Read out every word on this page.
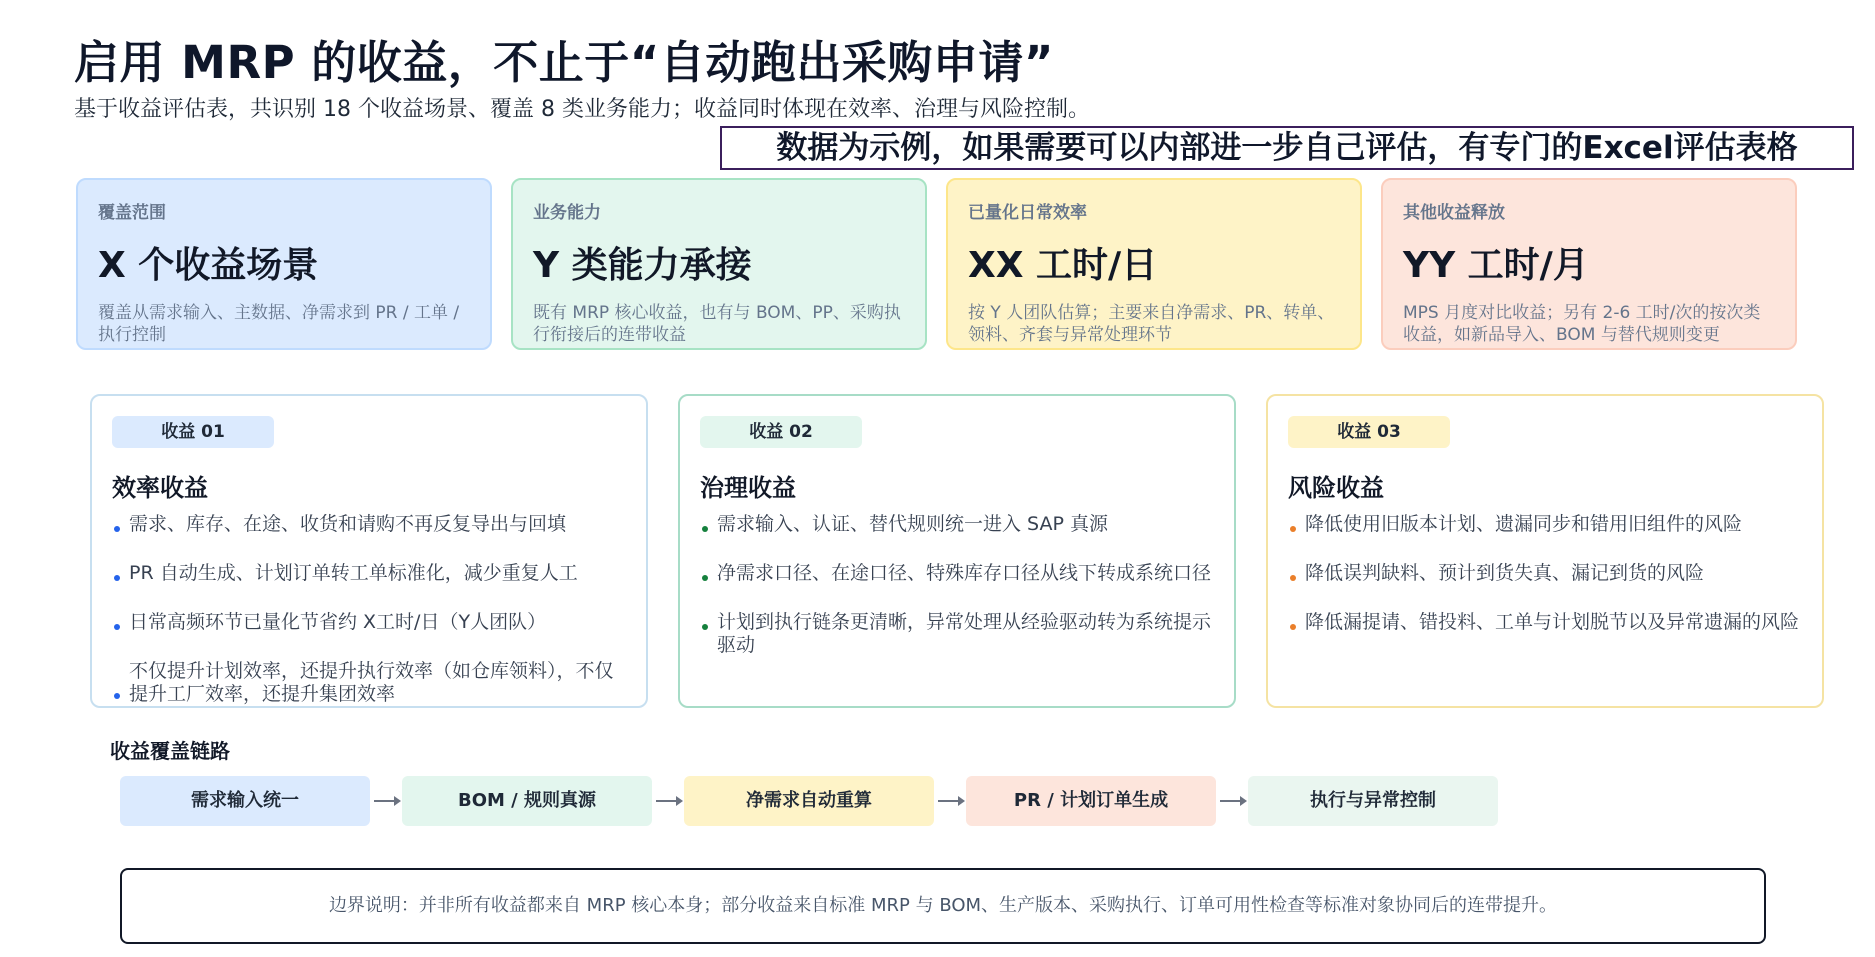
启用 MRP 的收益，不止于“自动跑出采购申请”
基于收益评估表，共识别 18 个收益场景、覆盖 8 类业务能力；收益同时体现在效率、治理与风险控制。
数据为示例，如果需要可以内部进一步自己评估，有专门的Excel评估表格
覆盖范围
X 个收益场景
覆盖从需求输入、主数据、净需求到 PR / 工单 / 执行控制
业务能力
Y 类能力承接
既有 MRP 核心收益，也有与 BOM、PP、采购执行衔接后的连带收益
已量化日常效率
XX 工时/日
按 Y 人团队估算；主要来自净需求、PR、转单、领料、齐套与异常处理环节
其他收益释放
YY 工时/月
MPS 月度对比收益；另有 2-6 工时/次的按次类收益，如新品导入、BOM 与替代规则变更
收益 01
效率收益
需求、库存、在途、收货和请购不再反复导出与回填
PR 自动生成、计划订单转工单标准化，减少重复人工
日常高频环节已量化节省约 X工时/日（Y人团队）
不仅提升计划效率，还提升执行效率（如仓库领料），不仅提升工厂效率，还提升集团效率
收益 02
治理收益
需求输入、认证、替代规则统一进入 SAP 真源
净需求口径、在途口径、特殊库存口径从线下转成系统口径
计划到执行链条更清晰，异常处理从经验驱动转为系统提示驱动
收益 03
风险收益
降低使用旧版本计划、遗漏同步和错用旧组件的风险
降低误判缺料、预计到货失真、漏记到货的风险
降低漏提请、错投料、工单与计划脱节以及异常遗漏的风险
收益覆盖链路
需求输入统一	BOM / 规则真源	净需求自动重算	PR / 计划订单生成	执行与异常控制
边界说明：并非所有收益都来自 MRP 核心本身；部分收益来自标准 MRP 与 BOM、生产版本、采购执行、订单可用性检查等标准对象协同后的连带提升。
